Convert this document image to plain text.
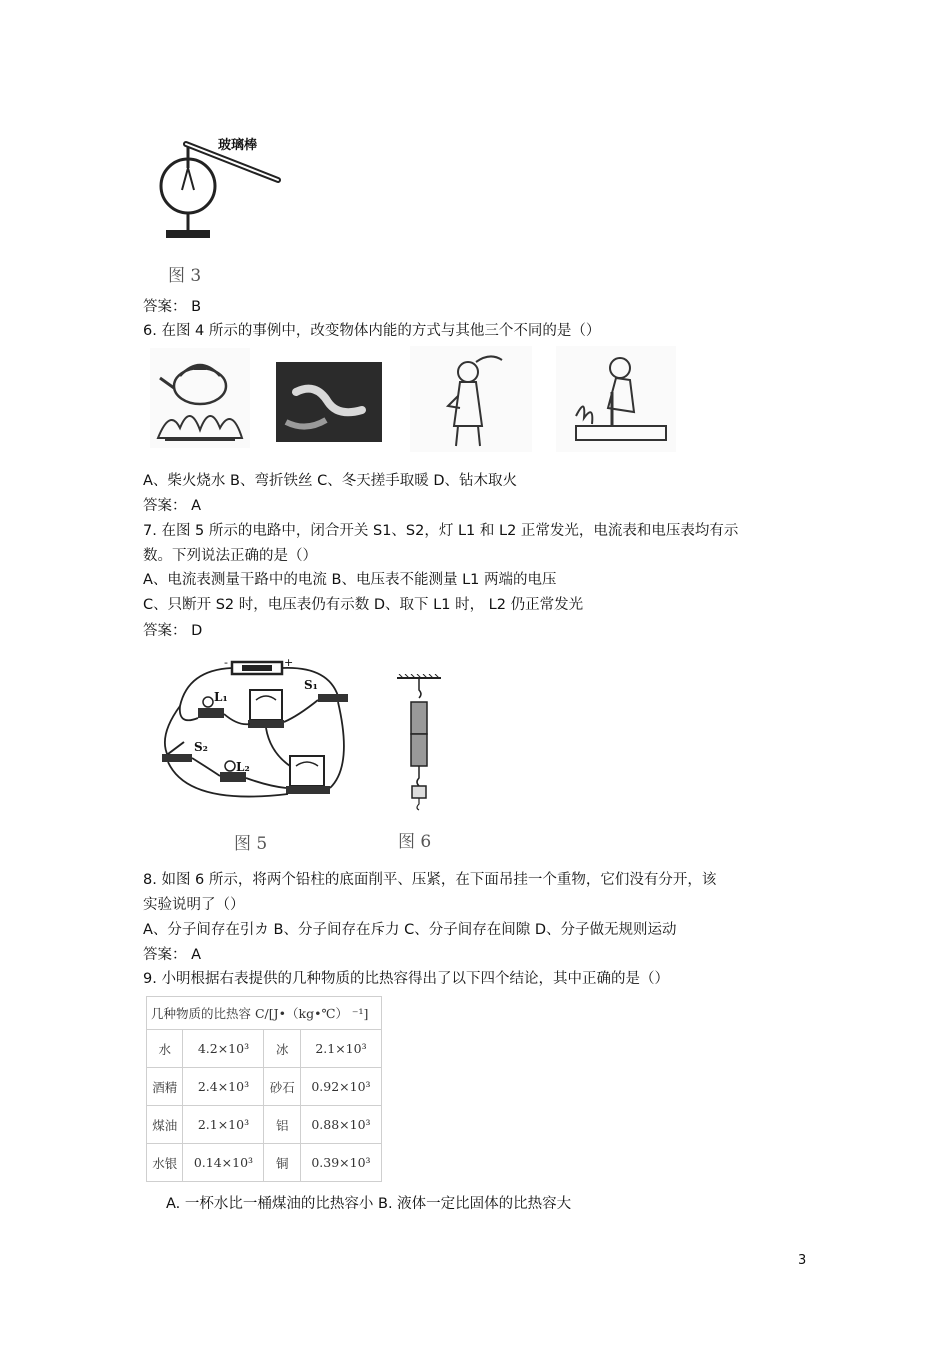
玻璃棒
图 3
答案： B
6. 在图 4 所示的事例中，改变物体内能的方式与其他三个不同的是（）
A、柴火烧水 B、弯折铁丝 C、冬天搓手取暖 D、钻木取火
答案： A
7. 在图 5 所示的电路中，闭合开关 S1、S2，灯 L1 和 L2 正常发光，电流表和电压表均有示
数。下列说法正确的是（）
A、电流表测量干路中的电流 B、电压表不能测量 L1 两端的电压
C、只断开 S2 时，电压表仍有示数 D、取下 L1 时， L2 仍正常发光
答案： D
-	+
L₁
S₁
S₂
L₂
图 5	图 6
8. 如图 6 所示，将两个铅柱的底面削平、压紧，在下面吊挂一个重物，它们没有分开，该
实验说明了（）
A、分子间存在引カ B、分子间存在斥力 C、分子间存在间隙 D、分子做无规则运动
答案： A
9. 小明根据右表提供的几种物质的比热容得出了以下四个结论，其中正确的是（）
几种物质的比热容 C/[J•（kg•℃） ⁻¹]			
水	4.2×10³	冰	2.1×10³
酒精	2.4×10³	砂石	0.92×10³
煤油	2.1×10³	铝	0.88×10³
水银	0.14×10³	铜	0.39×10³
A. 一杯水比一桶煤油的比热容小 B. 液体一定比固体的比热容大
3
